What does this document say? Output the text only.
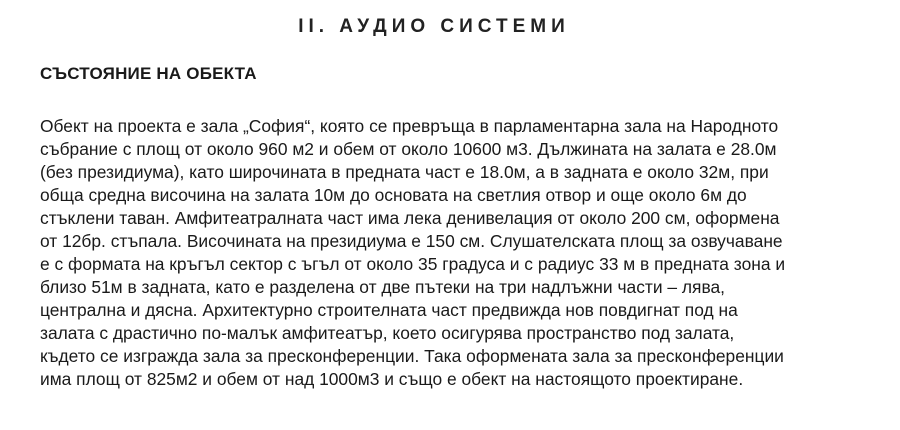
II. АУДИО СИСТЕМИ
СЪСТОЯНИЕ НА ОБЕКТА
Обект на проекта е зала „София“, която се превръща в парламентарна зала на Народното
събрание с площ от около 960 м2 и обем от около 10600 м3. Дължината на залата е 28.0м
(без президиума), като широчината в предната част е 18.0м, а в задната е около 32м, при
обща средна височина на залата 10м до основата на светлия отвор и още около 6м до
стъклени таван. Амфитеатралната част има лека денивелация от около 200 см, оформена
от 12бр. стъпала. Височината на президиума е 150 см. Слушателската площ за озвучаване
е с формата на кръгъл сектор с ъгъл от около 35 градуса и с радиус 33 м в предната зона и
близо 51м в задната, като е разделена от две пътеки на три надлъжни части – лява,
централна и дясна. Архитектурно строителната част предвижда нов повдигнат под на
залата с драстично по-малък амфитеатър, което осигурява пространство под залата,
където се изгражда зала за пресконференции. Така оформената зала за пресконференции
има площ от 825м2 и обем от над 1000м3 и също е обект на настоящото проектиране.
